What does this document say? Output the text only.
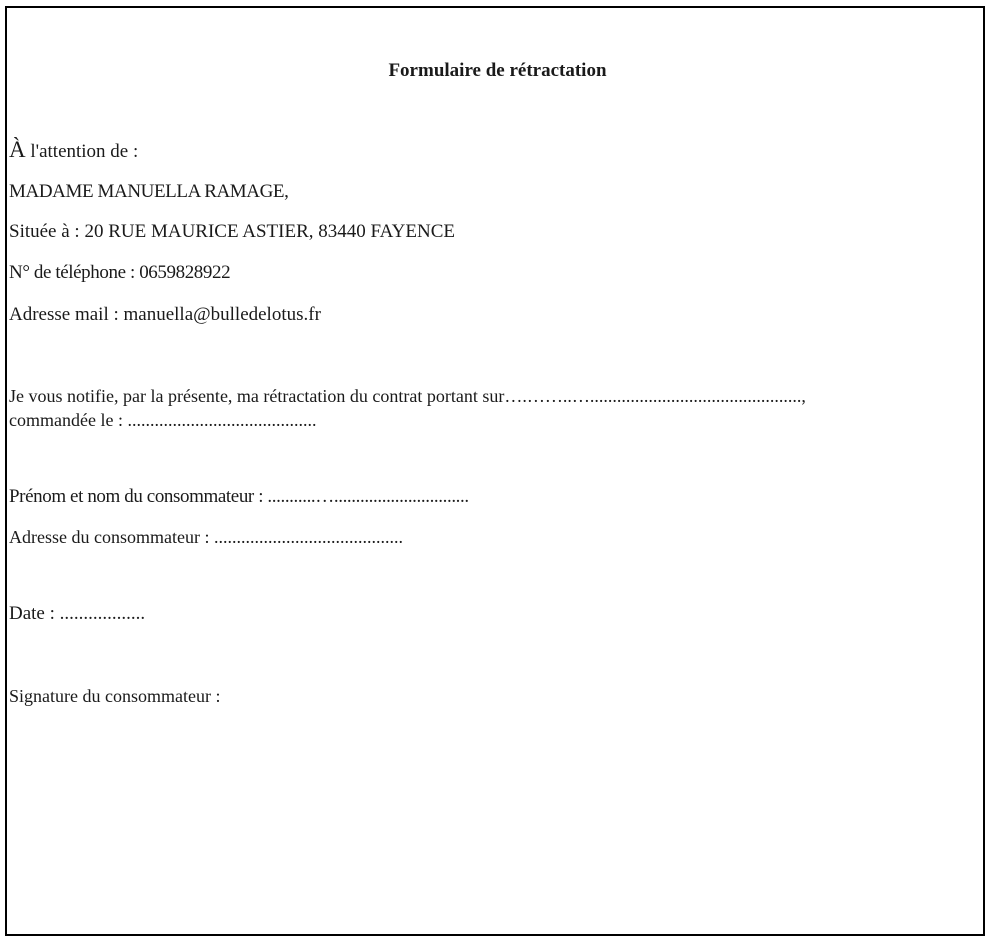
Formulaire de rétractation
À l'attention de :
MADAME MANUELLA RAMAGE,
Située à : 20 RUE MAURICE ASTIER, 83440 FAYENCE
N° de téléphone : 0659828922
Adresse mail : manuella@bulledelotus.fr
Je vous notifie, par la présente, ma rétractation du contrat portant sur….……..…...............................................,
commandée le : ..........................................
Prénom et nom du consommateur : ...........…...............................
Adresse du consommateur : ..........................................
Date : ..................
Signature du consommateur :
